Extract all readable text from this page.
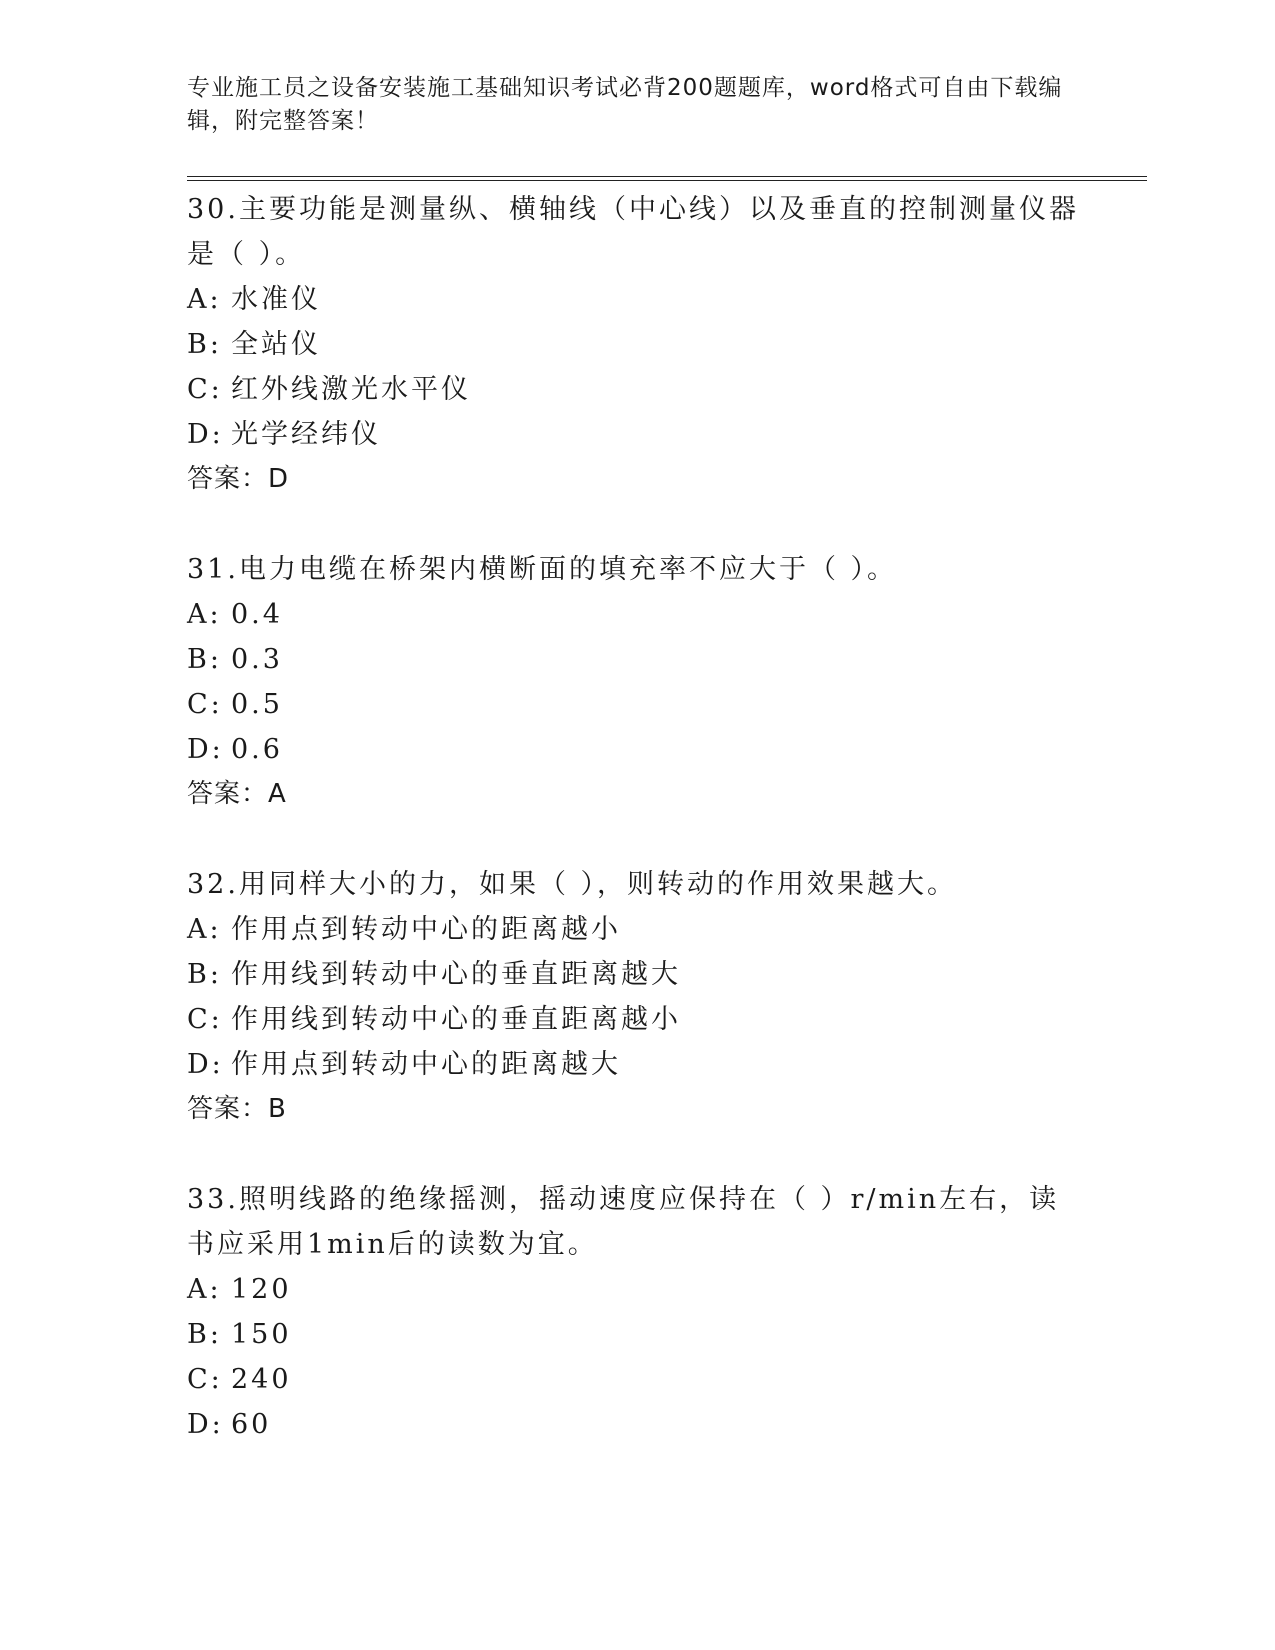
专业施工员之设备安装施工基础知识考试必背200题题库，word格式可自由下载编辑，附完整答案！

30.主要功能是测量纵、横轴线（中心线）以及垂直的控制测量仪器是（ ）。

A: 水准仪

B: 全站仪

C: 红外线激光水平仪

D: 光学经纬仪

答案：D

31.电力电缆在桥架内横断面的填充率不应大于（ ）。

A: 0.4

B: 0.3

C: 0.5

D: 0.6

答案：A

32.用同样大小的力，如果（ ），则转动的作用效果越大。

A: 作用点到转动中心的距离越小

B: 作用线到转动中心的垂直距离越大

C: 作用线到转动中心的垂直距离越小

D: 作用点到转动中心的距离越大

答案：B

33.照明线路的绝缘摇测，摇动速度应保持在（ ）r/min左右，读书应采用1min后的读数为宜。

A: 120

B: 150

C: 240

D: 60
